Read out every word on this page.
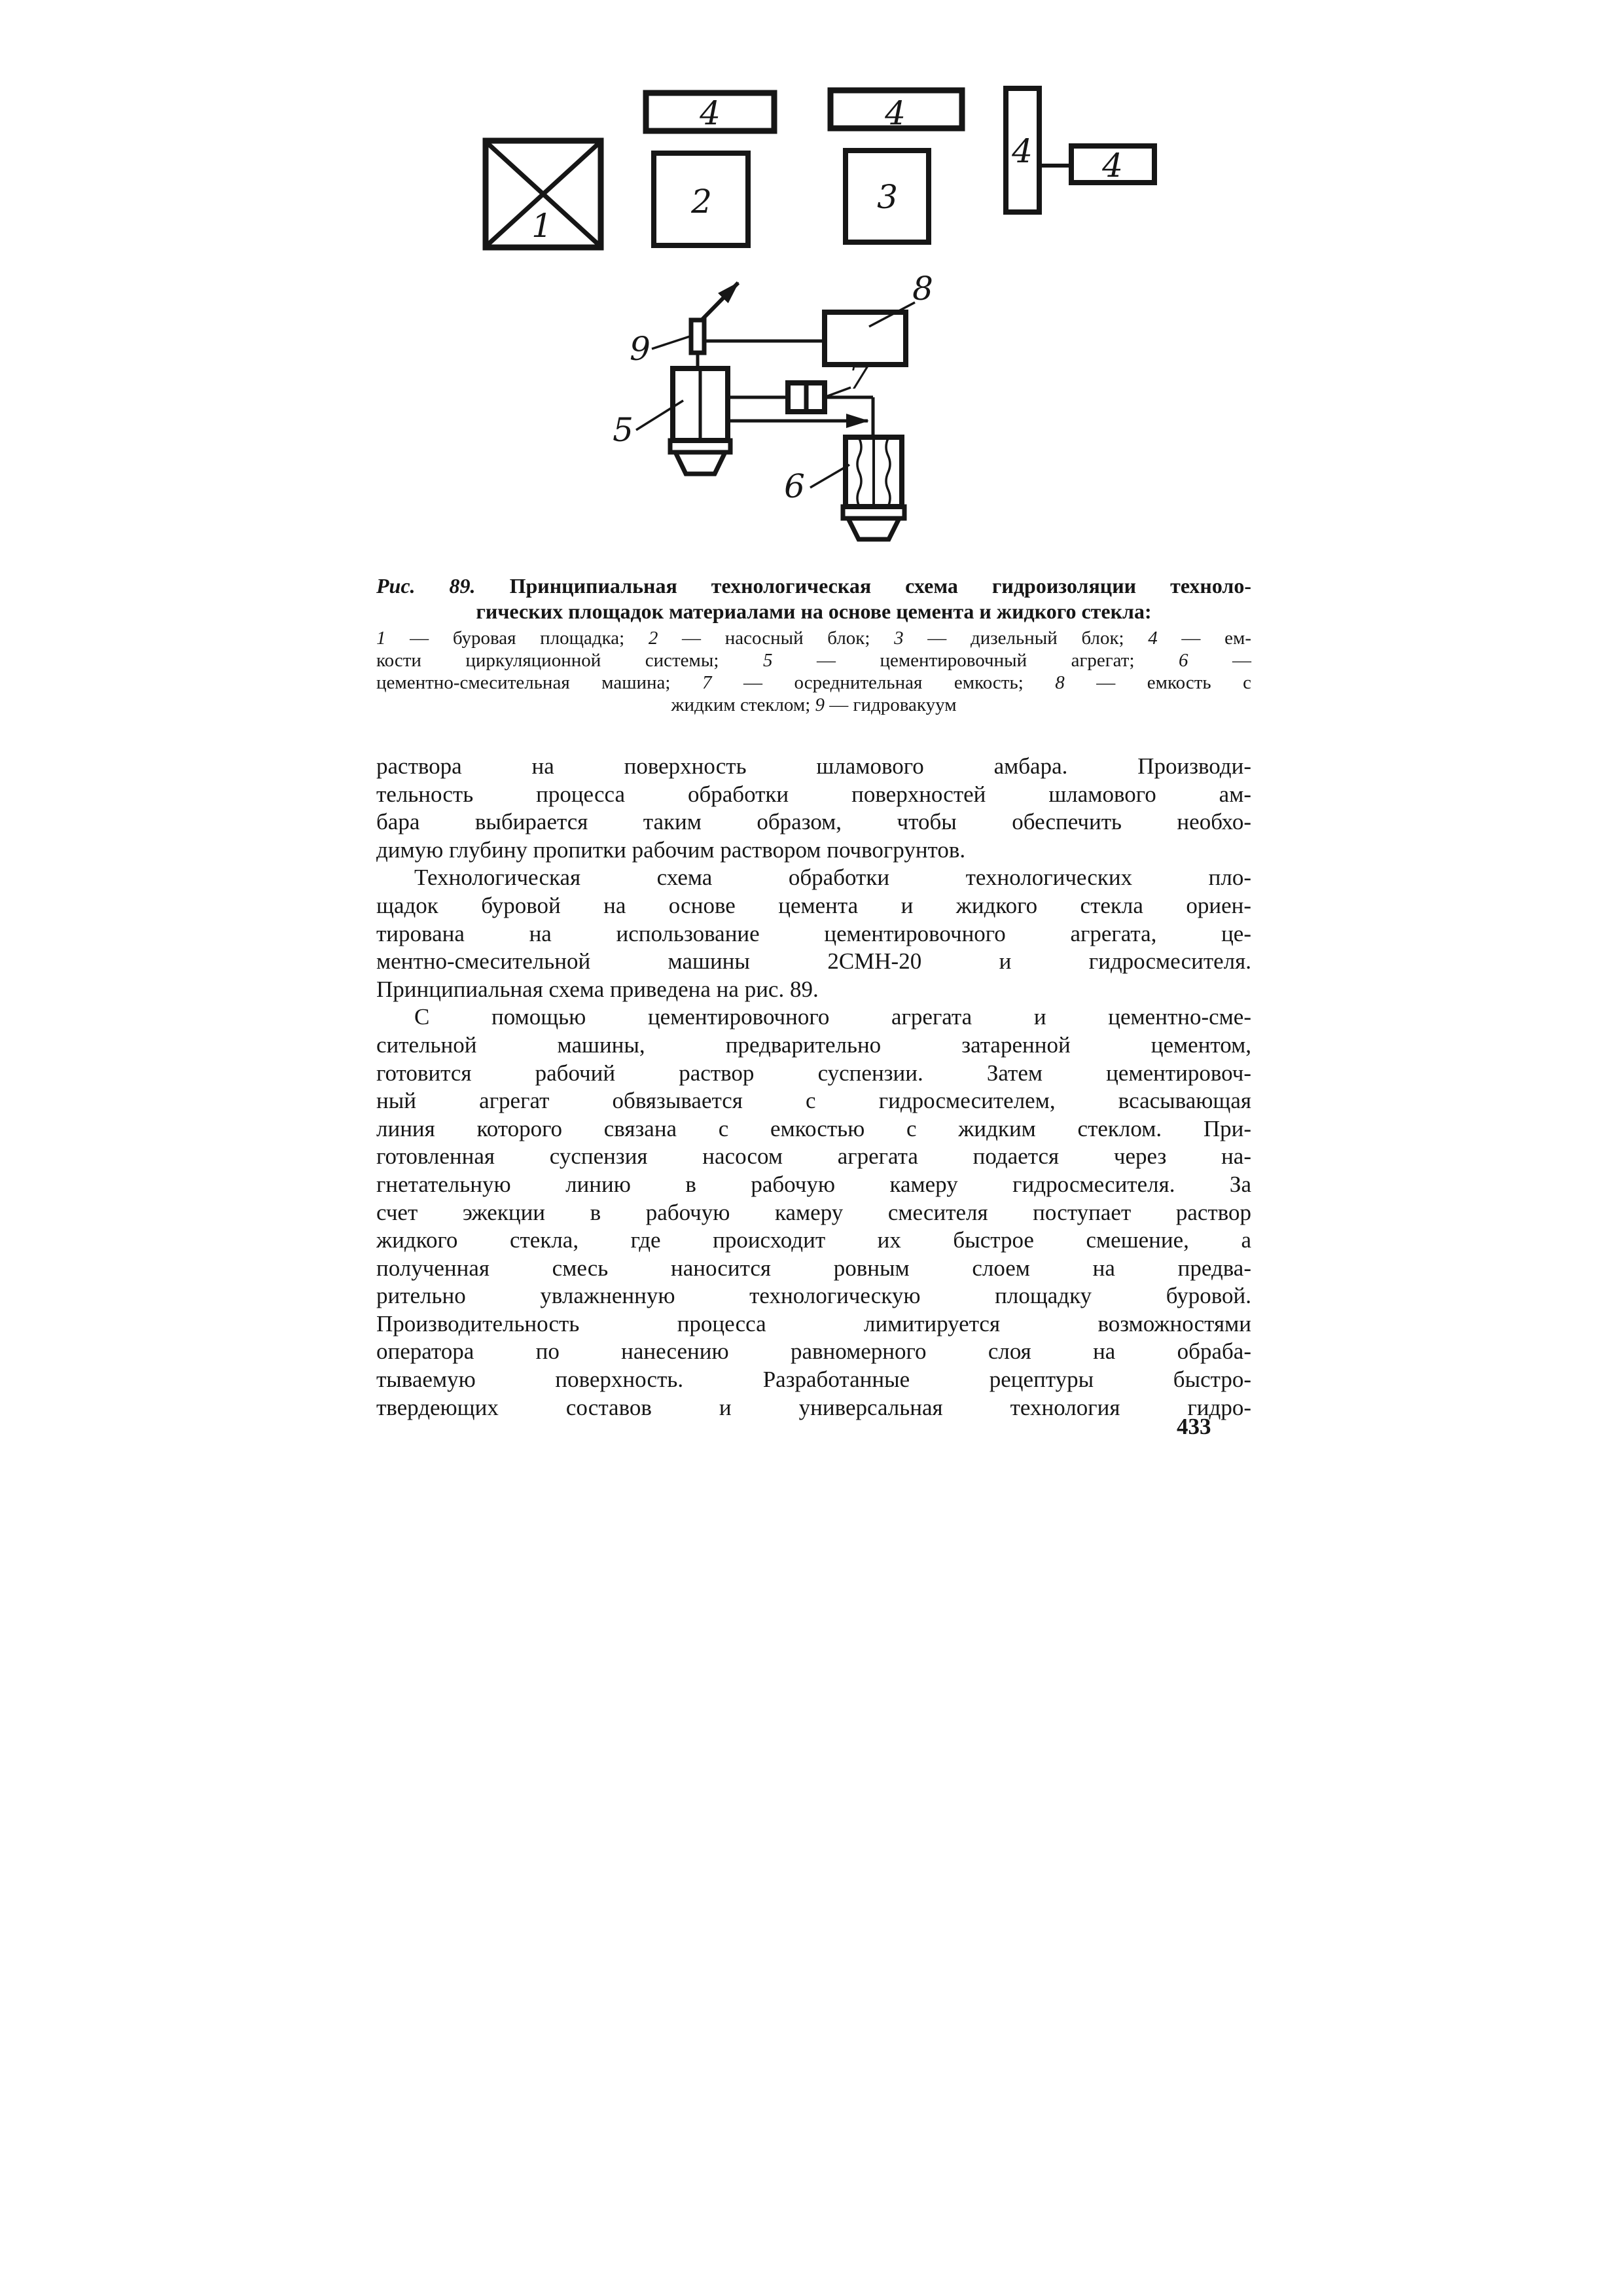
1
4
2
4
3
4 4
9
8
5
7
6
Рис. 89. Принципиальная технологическая схема гидроизоляции техноло-
гических площадок материалами на основе цемента и жидкого стекла:
1 — буровая площадка; 2 — насосный блок; 3 — дизельный блок; 4 — ем-
кости циркуляционной системы; 5 — цементировочный агрегат; 6 —
цементно-смесительная машина; 7 — осреднительная емкость; 8 — емкость с
жидким стеклом; 9 — гидровакуум
раствора на поверхность шламового амбара. Производи-
тельность процесса обработки поверхностей шламового ам-
бара выбирается таким образом, чтобы обеспечить необхо-
димую глубину пропитки рабочим раствором почвогрунтов.
Технологическая схема обработки технологических пло-
щадок буровой на основе цемента и жидкого стекла ориен-
тирована на использование цементировочного агрегата, це-
ментно-смесительной машины 2СМН-20 и гидросмесителя.
Принципиальная схема приведена на рис. 89.
С помощью цементировочного агрегата и цементно-сме-
сительной машины, предварительно затаренной цементом,
готовится рабочий раствор суспензии. Затем цементировоч-
ный агрегат обвязывается с гидросмесителем, всасывающая
линия которого связана с емкостью с жидким стеклом. При-
готовленная суспензия насосом агрегата подается через на-
гнетательную линию в рабочую камеру гидросмесителя. За
счет эжекции в рабочую камеру смесителя поступает раствор
жидкого стекла, где происходит их быстрое смешение, а
полученная смесь наносится ровным слоем на предва-
рительно увлажненную технологическую площадку буровой.
Производительность процесса лимитируется возможностями
оператора по нанесению равномерного слоя на обраба-
тываемую поверхность. Разработанные рецептуры быстро-
твердеющих составов и универсальная технология гидро-
433
